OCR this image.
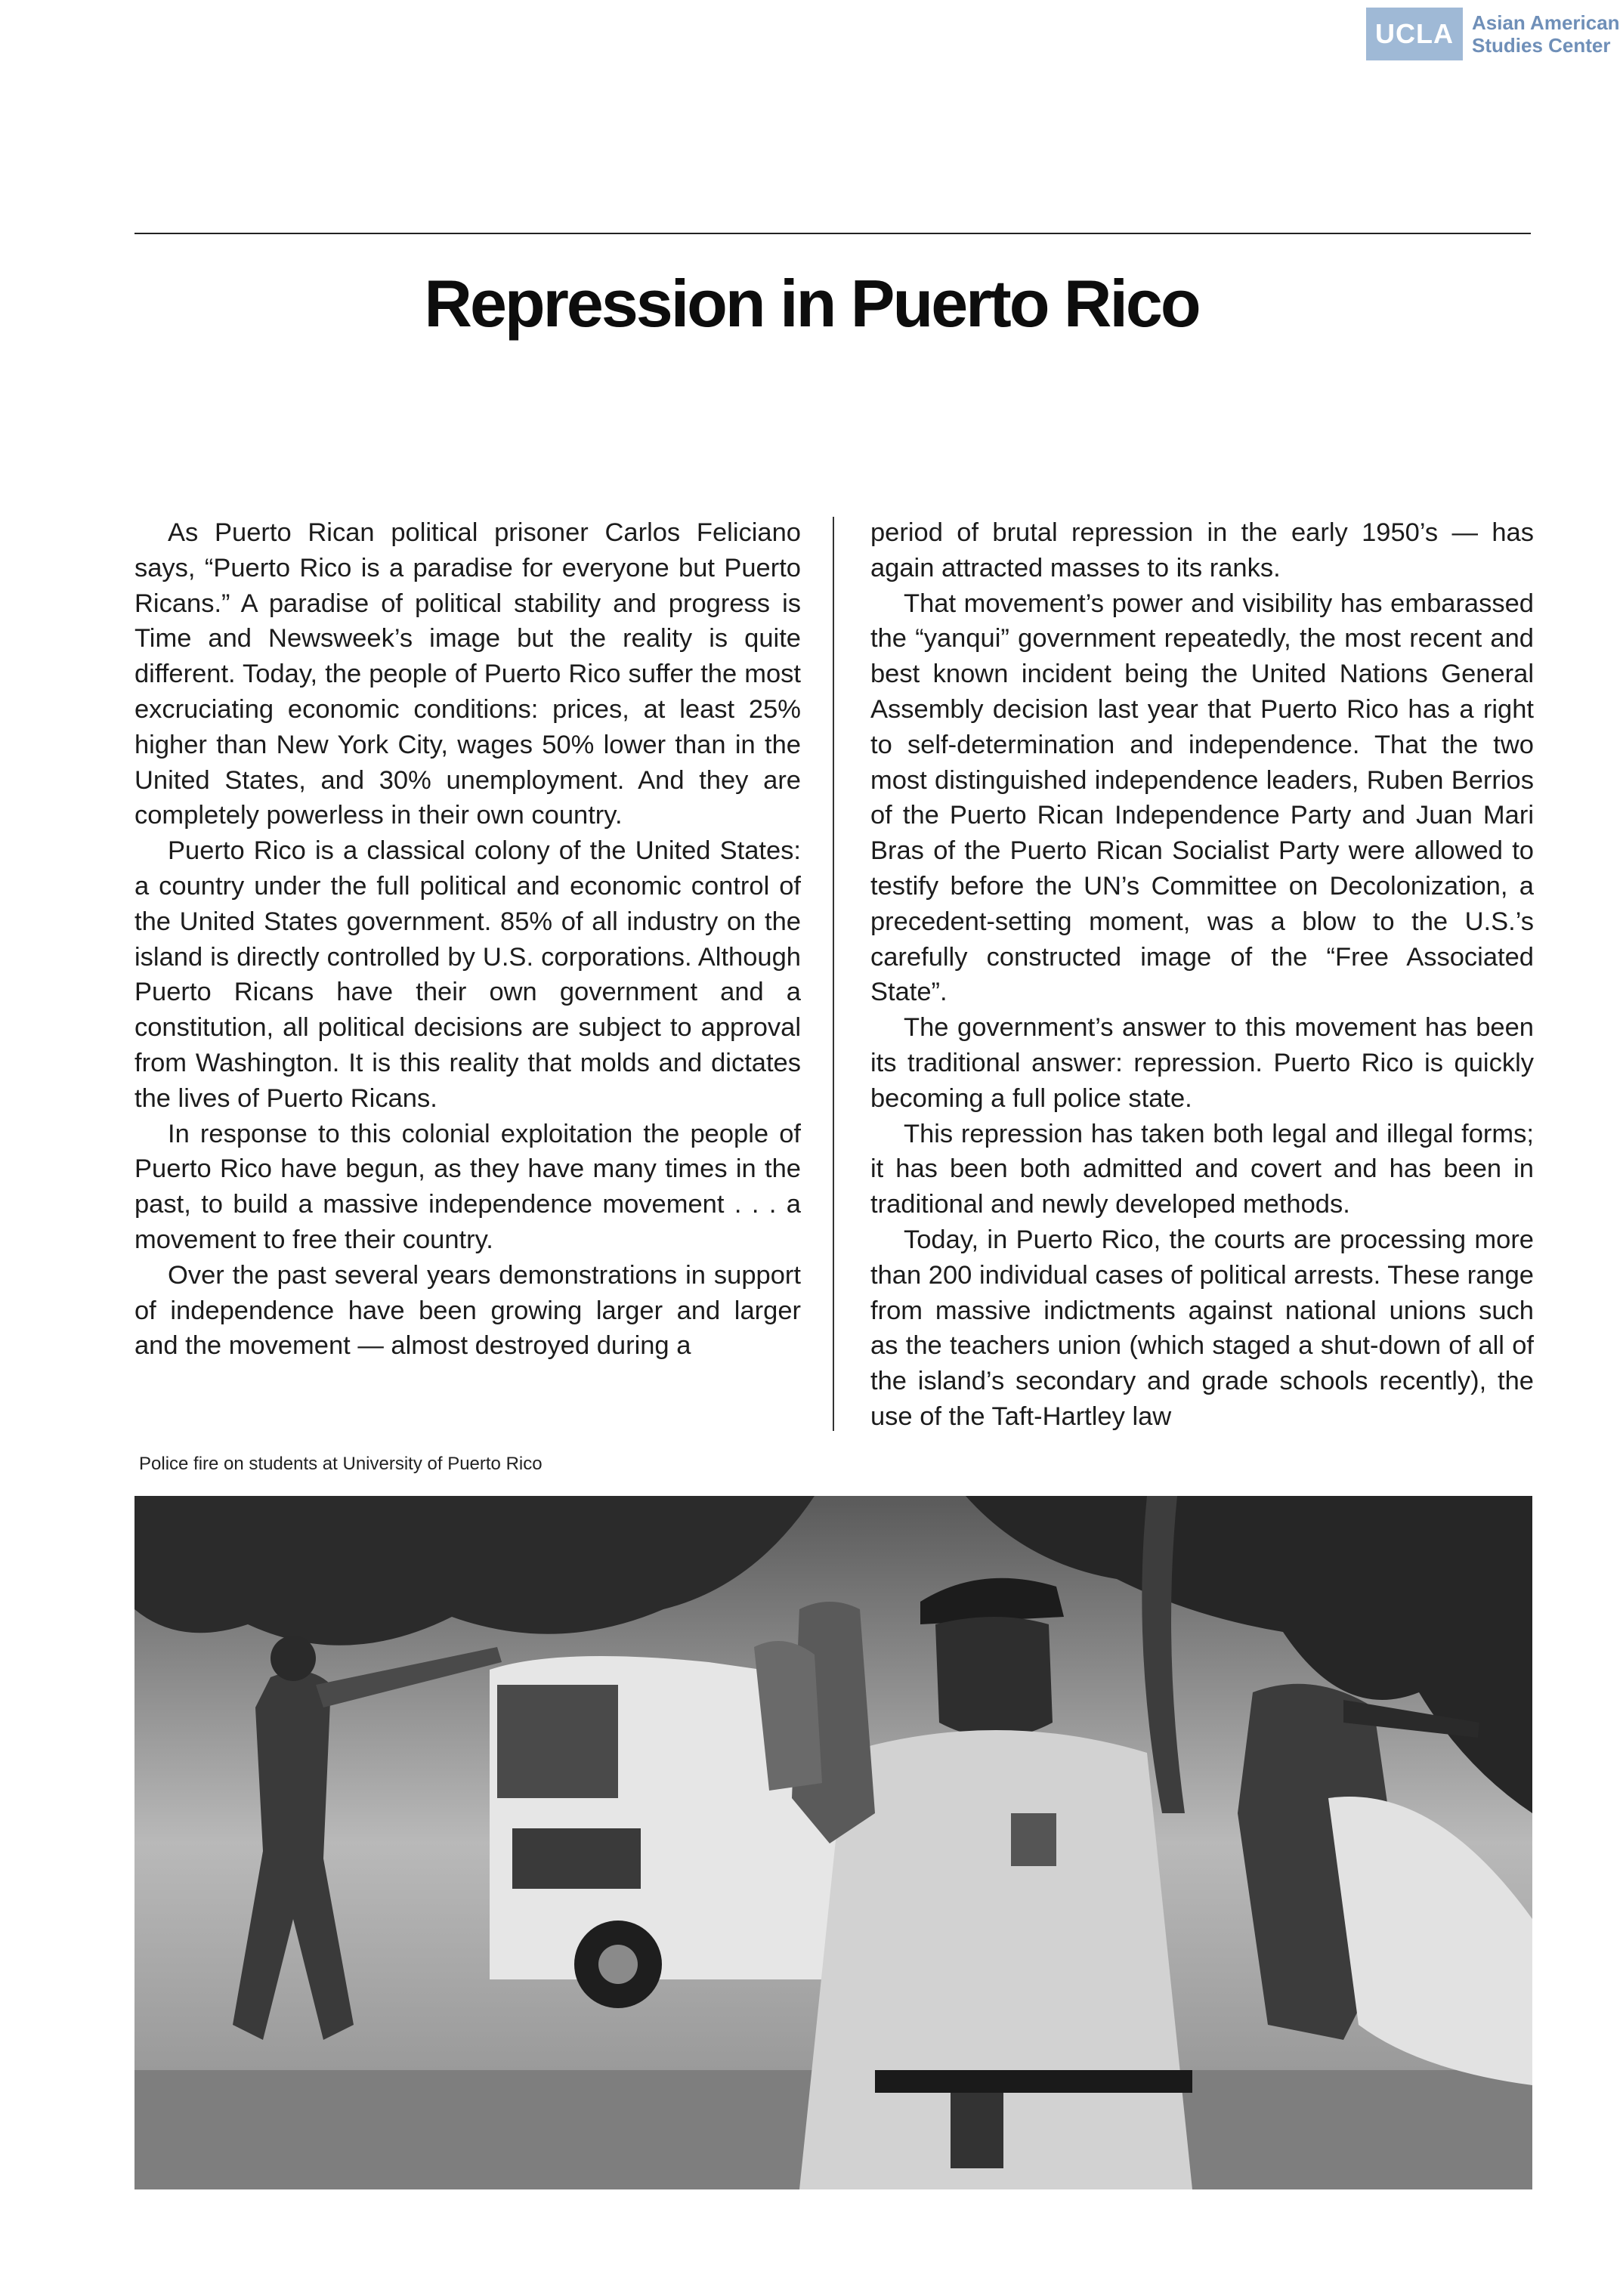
UCLA Asian American
Studies Center
Repression in Puerto Rico

As Puerto Rican political prisoner Carlos Feliciano says, “Puerto Rico is a paradise for everyone but Puerto Ricans.” A paradise of political stability and progress is Time and Newsweek’s image but the reality is quite different. Today, the people of Puerto Rico suffer the most excruciating economic conditions: prices, at least 25% higher than New York City, wages 50% lower than in the United States, and 30% unemployment. And they are completely powerless in their own country.

Puerto Rico is a classical colony of the United States: a country under the full political and economic control of the United States government. 85% of all industry on the island is directly controlled by U.S. corporations. Although Puerto Ricans have their own government and a constitution, all political decisions are subject to approval from Washington. It is this reality that molds and dictates the lives of Puerto Ricans.

In response to this colonial exploitation the people of Puerto Rico have begun, as they have many times in the past, to build a massive independence movement . . . a movement to free their country.

Over the past several years demonstrations in support of independence have been growing larger and larger and the movement — almost destroyed during a

period of brutal repression in the early 1950’s — has again attracted masses to its ranks.

That movement’s power and visibility has embarassed the “yanqui” government repeatedly, the most recent and best known incident being the United Nations General Assembly decision last year that Puerto Rico has a right to self-determination and independence. That the two most distinguished independence leaders, Ruben Berrios of the Puerto Rican Independence Party and Juan Mari Bras of the Puerto Rican Socialist Party were allowed to testify before the UN’s Committee on Decolonization, a precedent-setting moment, was a blow to the U.S.’s carefully constructed image of the “Free Associated State”.

The government’s answer to this movement has been its traditional answer: repression. Puerto Rico is quickly becoming a full police state.

This repression has taken both legal and illegal forms; it has been both admitted and covert and has been in traditional and newly developed methods.

Today, in Puerto Rico, the courts are processing more than 200 individual cases of political arrests. These range from massive indictments against national unions such as the teachers union (which staged a shut-down of all of the island’s secondary and grade schools recently), the use of the Taft-Hartley law

Police fire on students at University of Puerto Rico
